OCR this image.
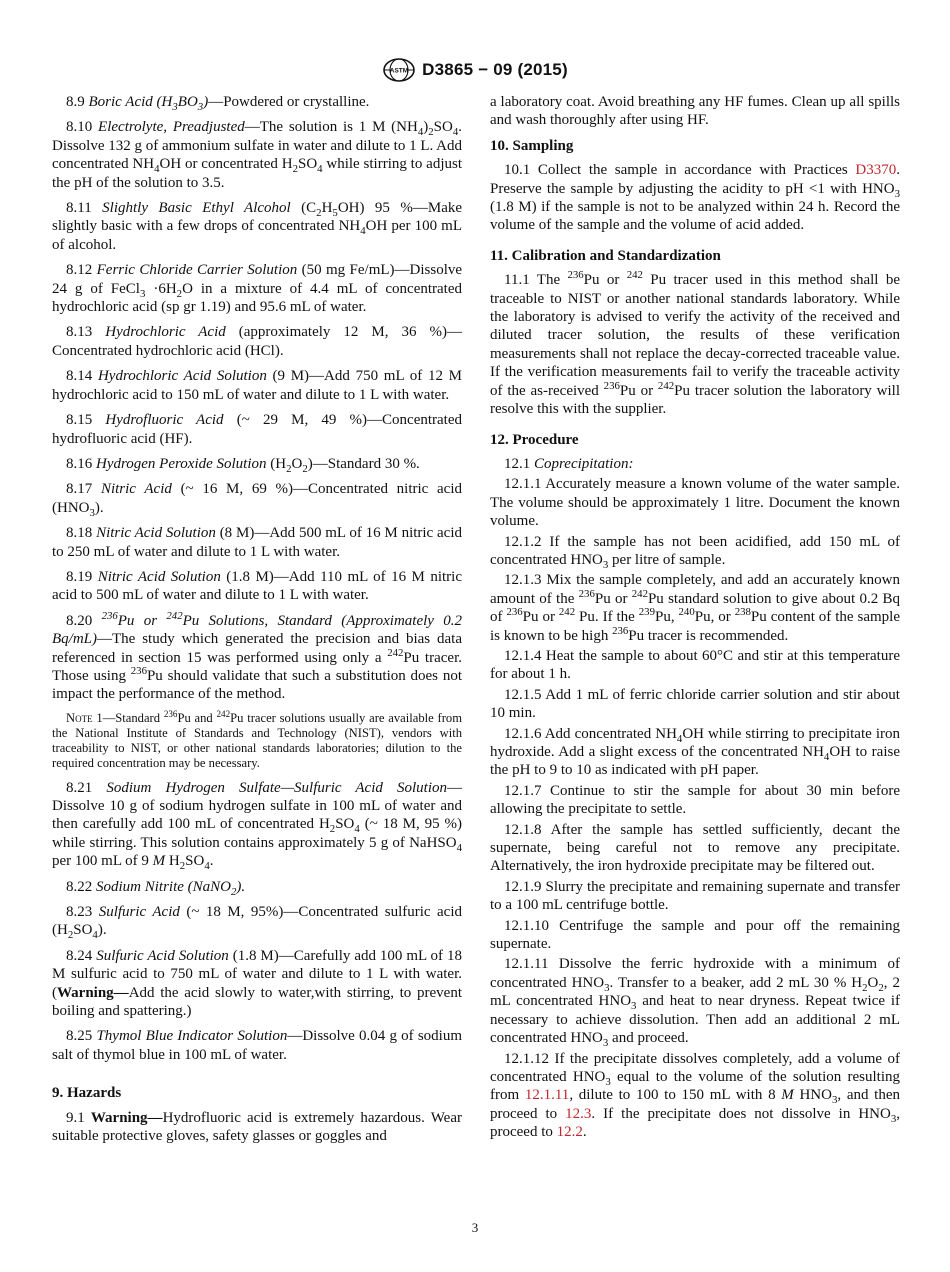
ASTM D3865 − 09 (2015)

8.9 Boric Acid $(H_3BO_3)—Powdered$ or crystalline.

8.10 Electrolyte, Preadjusted—The solution is 1 M $(NH_4)_2SO_4$. Dissolve 132 g of ammonium sulfate in water and dilute to 1 L. Add concentrated $NH_4OH$ or concentrated $H_2SO_4$ while stirring to adjust the pH of the solution to 3.5.

8.11 Slightly Basic Ethyl Alcohol $(C_2H_5OH)$ 95 %—Make slightly basic with a few drops of concentrated $NH_4OH$ per 100 mL of alcohol.

8.12 Ferric Chloride Carrier Solution (50 mg Fe/mL)—Dissolve 24 g of FeCl$_3$ $\cdot 6H_2O$ in a mixture of 4.4 mL of concentrated hydrochloric acid (sp gr 1.19) and 95.6 mL of water.

8.13 Hydrochloric Acid (approximately 12 M, 36 %)—Concentrated hydrochloric acid (HCl).

8.14 Hydrochloric Acid Solution (9 M)—Add 750 mL of 12 M hydrochloric acid to 150 mL of water and dilute to 1 L with water.

8.15 Hydrofluoric Acid (~ 29 M, 49 %)—Concentrated hydrofluoric acid (HF).

8.16 Hydrogen Peroxide Solution $(H_2O_2)—Standard$ 30 %.

8.17 Nitric Acid (~ 16 M, 69 %)—Concentrated nitric acid $(HNO_3)$.

8.18 Nitric Acid Solution (8 M)—Add 500 mL of 16 M nitric acid to 250 mL of water and dilute to 1 L with water.

8.19 Nitric Acid Solution (1.8 M)—Add 110 mL of 16 M nitric acid to 500 mL of water and dilute to 1 L with water.

8.20 $^{236}$Pu or $^{242}$Pu Solutions, Standard (Approximately 0.2 Bq/mL)—The study which generated the precision and bias data referenced in section 15 was performed using only a $^{242}$Pu tracer. Those using $^{236}$Pu should validate that such a substitution does not impact the performance of the method.

Note 1—Standard $^{236}$Pu and $^{242}$Pu tracer solutions usually are available from the National Institute of Standards and Technology (NIST), vendors with traceability to NIST, or other national standards laboratories; dilution to the required concentration may be necessary.

8.21 Sodium Hydrogen Sulfate—Sulfuric Acid Solution—Dissolve 10 g of sodium hydrogen sulfate in 100 mL of water and then carefully add 100 mL of concentrated $H_2SO_4$ (~ 18 M, 95 %) while stirring. This solution contains approximately 5 g of NaHSO$_4$ per 100 mL of 9 M $H_2SO_4$.

8.22 Sodium Nitrite (NaNO$_2$).

8.23 Sulfuric Acid (~ 18 M, 95%)—Concentrated sulfuric acid $(H_2SO_4)$.

8.24 Sulfuric Acid Solution (1.8 M)—Carefully add 100 mL of 18 M sulfuric acid to 750 mL of water and dilute to 1 L with water. (Warning—Add the acid slowly to water,with stirring, to prevent boiling and spattering.)

8.25 Thymol Blue Indicator Solution—Dissolve 0.04 g of sodium salt of thymol blue in 100 mL of water.

9. Hazards

9.1 Warning—Hydrofluoric acid is extremely hazardous. Wear suitable protective gloves, safety glasses or goggles and

a laboratory coat. Avoid breathing any HF fumes. Clean up all spills and wash thoroughly after using HF.

10. Sampling

10.1 Collect the sample in accordance with Practices D3370. Preserve the sample by adjusting the acidity to pH <1 with $HNO_3$ (1.8 M) if the sample is not to be analyzed within 24 h. Record the volume of the sample and the volume of acid added.

11. Calibration and Standardization

11.1 The $^{236}$Pu or $^{242}$ Pu tracer used in this method shall be traceable to NIST or another national standards laboratory. While the laboratory is advised to verify the activity of the received and diluted tracer solution, the results of these verification measurements shall not replace the decay-corrected traceable value. If the verification measurements fail to verify the traceable activity of the as-received $^{236}$Pu or $^{242}$Pu tracer solution the laboratory will resolve this with the supplier.

12. Procedure

12.1 Coprecipitation:

12.1.1 Accurately measure a known volume of the water sample. The volume should be approximately 1 litre. Document the known volume.

12.1.2 If the sample has not been acidified, add 150 mL of concentrated $HNO_3$ per litre of sample.

12.1.3 Mix the sample completely, and add an accurately known amount of the $^{236}$Pu or $^{242}$Pu standard solution to give about 0.2 Bq of $^{236}$Pu or $^{242}$ Pu. If the $^{239}$Pu, $^{240}$Pu, or $^{238}$Pu content of the sample is known to be high $^{236}$Pu tracer is recommended.

12.1.4 Heat the sample to about 60°C and stir at this temperature for about 1 h.

12.1.5 Add 1 mL of ferric chloride carrier solution and stir about 10 min.

12.1.6 Add concentrated $NH_4OH$ while stirring to precipitate iron hydroxide. Add a slight excess of the concentrated $NH_4OH$ to raise the pH to 9 to 10 as indicated with pH paper.

12.1.7 Continue to stir the sample for about 30 min before allowing the precipitate to settle.

12.1.8 After the sample has settled sufficiently, decant the supernate, being careful not to remove any precipitate. Alternatively, the iron hydroxide precipitate may be filtered out.

12.1.9 Slurry the precipitate and remaining supernate and transfer to a 100 mL centrifuge bottle.

12.1.10 Centrifuge the sample and pour off the remaining supernate.

12.1.11 Dissolve the ferric hydroxide with a minimum of concentrated $HNO_3$. Transfer to a beaker, add 2 mL 30 % $H_2O_2$, 2 mL concentrated $HNO_3$ and heat to near dryness. Repeat twice if necessary to achieve dissolution. Then add an additional 2 mL concentrated $HNO_3$ and proceed.

12.1.12 If the precipitate dissolves completely, add a volume of concentrated $HNO_3$ equal to the volume of the solution resulting from 12.1.11, dilute to 100 to 150 mL with 8 M $HNO_3$, and then proceed to 12.3. If the precipitate does not dissolve in $HNO_3$, proceed to 12.2.

3
